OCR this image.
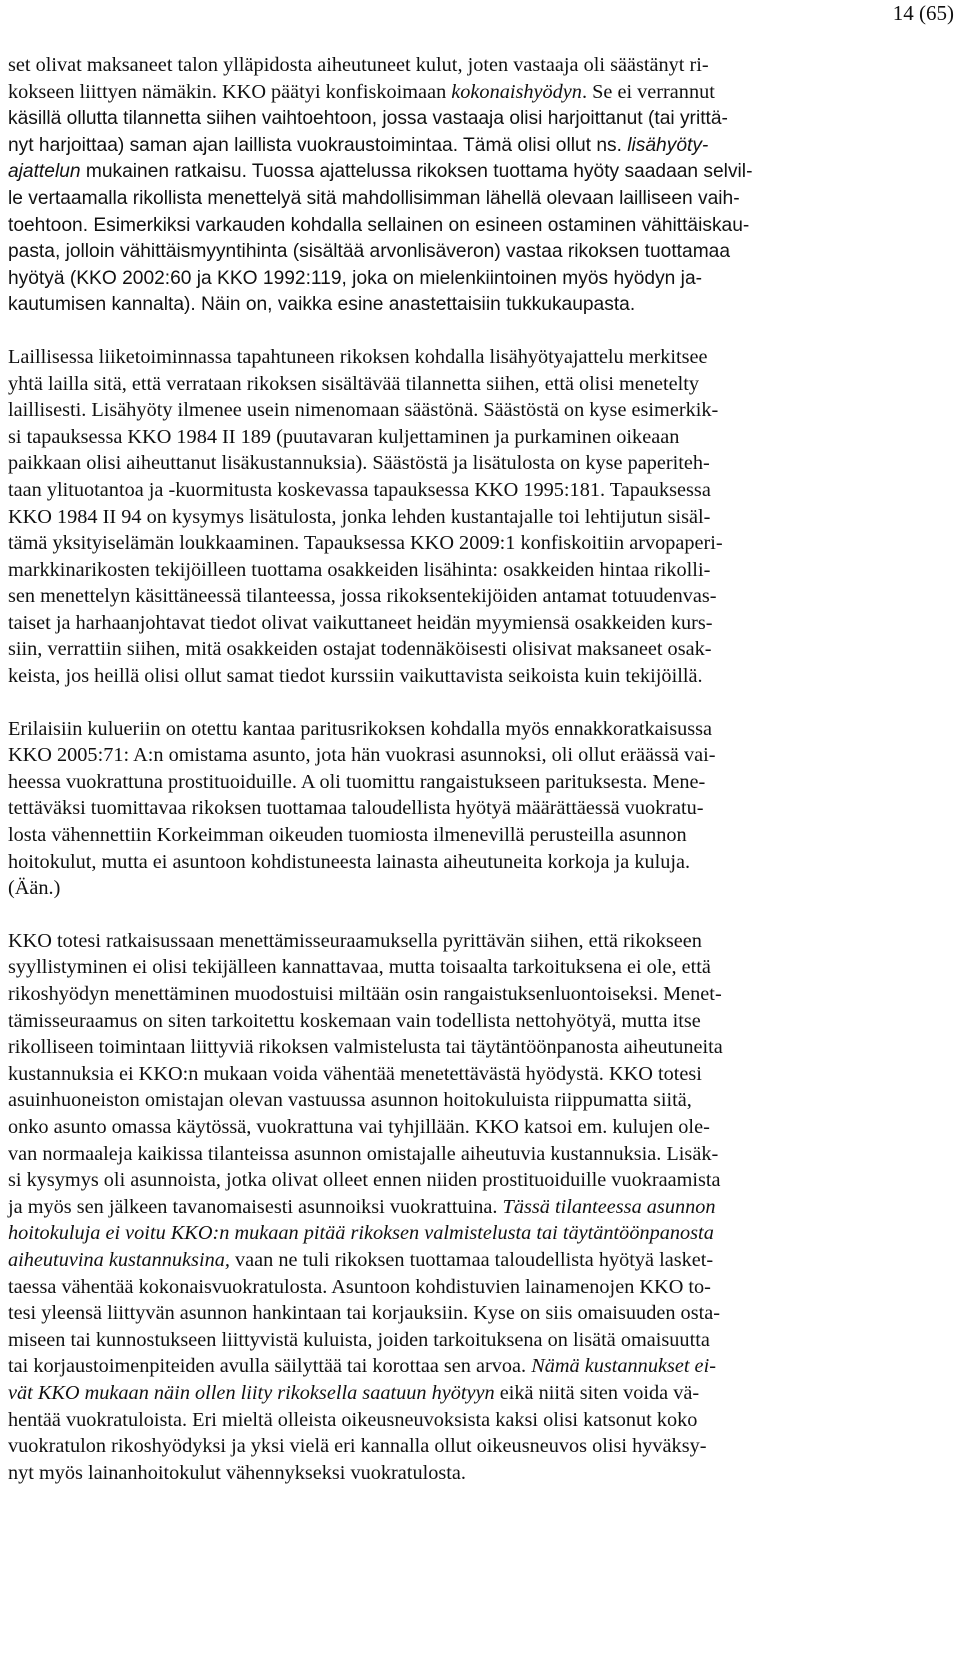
14 (65)

set olivat maksaneet talon ylläpidosta aiheutuneet kulut, joten vastaaja oli säästänyt ri-
kokseen liittyen nämäkin. KKO päätyi konfiskoimaan kokonaishyödyn. Se ei verrannut
käsillä ollutta tilannetta siihen vaihtoehtoon, jossa vastaaja olisi harjoittanut (tai yrittä-
nyt harjoittaa) saman ajan laillista vuokraustoimintaa. Tämä olisi ollut ns. lisähyöty-
ajattelun mukainen ratkaisu. Tuossa ajattelussa rikoksen tuottama hyöty saadaan selvil-
le vertaamalla rikollista menettelyä sitä mahdollisimman lähellä olevaan lailliseen vaih-
toehtoon. Esimerkiksi varkauden kohdalla sellainen on esineen ostaminen vähittäiskau-
pasta, jolloin vähittäismyyntihinta (sisältää arvonlisäveron) vastaa rikoksen tuottamaa
hyötyä (KKO 2002:60 ja KKO 1992:119, joka on mielenkiintoinen myös hyödyn ja-
kautumisen kannalta). Näin on, vaikka esine anastettaisiin tukkukaupasta.

Laillisessa liiketoiminnassa tapahtuneen rikoksen kohdalla lisähyötyajattelu merkitsee
yhtä lailla sitä, että verrataan rikoksen sisältävää tilannetta siihen, että olisi menetelty
laillisesti. Lisähyöty ilmenee usein nimenomaan säästönä. Säästöstä on kyse esimerkik-
si tapauksessa KKO 1984 II 189 (puutavaran kuljettaminen ja purkaminen oikeaan
paikkaan olisi aiheuttanut lisäkustannuksia). Säästöstä ja lisätulosta on kyse paperiteh-
taan ylituotantoa ja -kuormitusta koskevassa tapauksessa KKO 1995:181. Tapauksessa
KKO 1984 II 94 on kysymys lisätulosta, jonka lehden kustantajalle toi lehtijutun sisäl-
tämä yksityiselämän loukkaaminen. Tapauksessa KKO 2009:1 konfiskoitiin arvopaperi-
markkinarikosten tekijöilleen tuottama osakkeiden lisähinta: osakkeiden hintaa rikolli-
sen menettelyn käsittäneessä tilanteessa, jossa rikoksentekijöiden antamat totuudenvas-
taiset ja harhaanjohtavat tiedot olivat vaikuttaneet heidän myymiensä osakkeiden kurs-
siin, verrattiin siihen, mitä osakkeiden ostajat todennäköisesti olisivat maksaneet osak-
keista, jos heillä olisi ollut samat tiedot kurssiin vaikuttavista seikoista kuin tekijöillä.

Erilaisiin kulueriin on otettu kantaa paritusrikoksen kohdalla myös ennakkoratkaisussa
KKO 2005:71: A:n omistama asunto, jota hän vuokrasi asunnoksi, oli ollut eräässä vai-
heessa vuokrattuna prostituoiduille. A oli tuomittu rangaistukseen parituksesta. Mene-
tettäväksi tuomittavaa rikoksen tuottamaa taloudellista hyötyä määrättäessä vuokratu-
losta vähennettiin Korkeimman oikeuden tuomiosta ilmenevillä perusteilla asunnon
hoitokulut, mutta ei asuntoon kohdistuneesta lainasta aiheutuneita korkoja ja kuluja.
(Ään.)

KKO totesi ratkaisussaan menettämisseuraamuksella pyrittävän siihen, että rikokseen
syyllistyminen ei olisi tekijälleen kannattavaa, mutta toisaalta tarkoituksena ei ole, että
rikoshyödyn menettäminen muodostuisi miltään osin rangaistuksenluontoiseksi. Menet-
tämisseuraamus on siten tarkoitettu koskemaan vain todellista nettohyötyä, mutta itse
rikolliseen toimintaan liittyviä rikoksen valmistelusta tai täytäntöönpanosta aiheutuneita
kustannuksia ei KKO:n mukaan voida vähentää menetettävästä hyödystä. KKO totesi
asuinhuoneiston omistajan olevan vastuussa asunnon hoitokuluista riippumatta siitä,
onko asunto omassa käytössä, vuokrattuna vai tyhjillään. KKO katsoi em. kulujen ole-
van normaaleja kaikissa tilanteissa asunnon omistajalle aiheutuvia kustannuksia. Lisäk-
si kysymys oli asunnoista, jotka olivat olleet ennen niiden prostituoiduille vuokraamista
ja myös sen jälkeen tavanomaisesti asunnoiksi vuokrattuina. Tässä tilanteessa asunnon
hoitokuluja ei voitu KKO:n mukaan pitää rikoksen valmistelusta tai täytäntöönpanosta
aiheutuvina kustannuksina, vaan ne tuli rikoksen tuottamaa taloudellista hyötyä lasket-
taessa vähentää kokonaisvuokratulosta. Asuntoon kohdistuvien lainamenojen KKO to-
tesi yleensä liittyvän asunnon hankintaan tai korjauksiin. Kyse on siis omaisuuden osta-
miseen tai kunnostukseen liittyvistä kuluista, joiden tarkoituksena on lisätä omaisuutta
tai korjaustoimenpiteiden avulla säilyttää tai korottaa sen arvoa. Nämä kustannukset ei-
vät KKO mukaan näin ollen liity rikoksella saatuun hyötyyn eikä niitä siten voida vä-
hentää vuokratuloista. Eri mieltä olleista oikeusneuvoksista kaksi olisi katsonut koko
vuokratulon rikoshyödyksi ja yksi vielä eri kannalla ollut oikeusneuvos olisi hyväksy-
nyt myös lainanhoitokulut vähennykseksi vuokratulosta.
